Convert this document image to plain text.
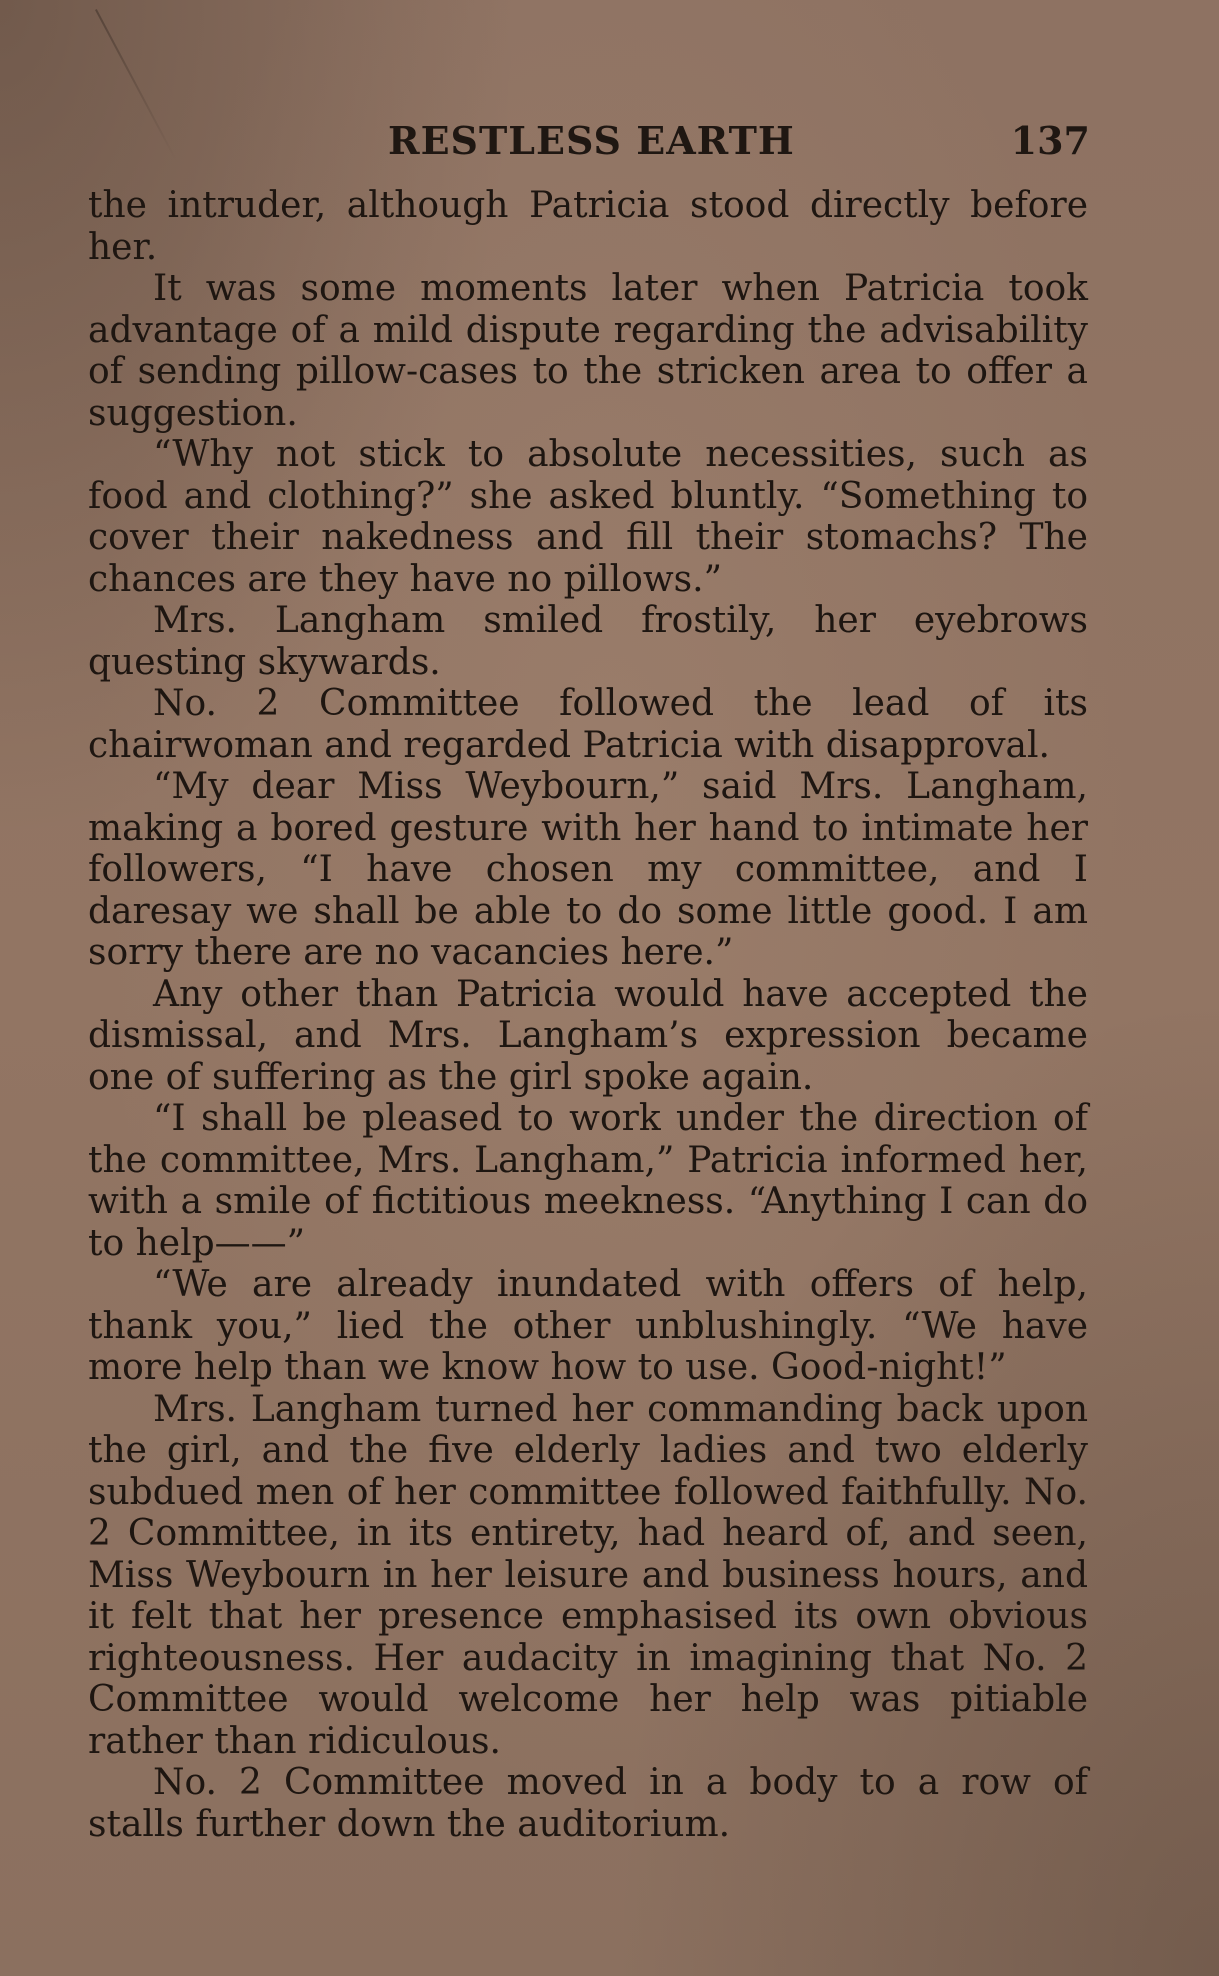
RESTLESS EARTH	137

the intruder, although Patricia stood directly before her.

It was some moments later when Patricia took advantage of a mild dispute regarding the advisability of sending pillow-cases to the stricken area to offer a suggestion.

“Why not stick to absolute necessities, such as food and clothing?” she asked bluntly. “Something to cover their nakedness and fill their stomachs? The chances are they have no pillows.”

Mrs. Langham smiled frostily, her eyebrows questing skywards.

No. 2 Committee followed the lead of its chairwoman and regarded Patricia with disapproval.

“My dear Miss Weybourn,” said Mrs. Langham, making a bored gesture with her hand to intimate her followers, “I have chosen my committee, and I daresay we shall be able to do some little good. I am sorry there are no vacancies here.”

Any other than Patricia would have accepted the dismissal, and Mrs. Langham’s expression became one of suffering as the girl spoke again.

“I shall be pleased to work under the direction of the committee, Mrs. Langham,” Patricia informed her, with a smile of fictitious meekness. “Anything I can do to help——”

“We are already inundated with offers of help, thank you,” lied the other unblushingly. “We have more help than we know how to use. Good-night!”

Mrs. Langham turned her commanding back upon the girl, and the five elderly ladies and two elderly subdued men of her committee followed faithfully. No. 2 Committee, in its entirety, had heard of, and seen, Miss Weybourn in her leisure and business hours, and it felt that her presence emphasised its own obvious righteousness. Her audacity in imagining that No. 2 Committee would welcome her help was pitiable rather than ridiculous.

No. 2 Committee moved in a body to a row of stalls further down the auditorium.
